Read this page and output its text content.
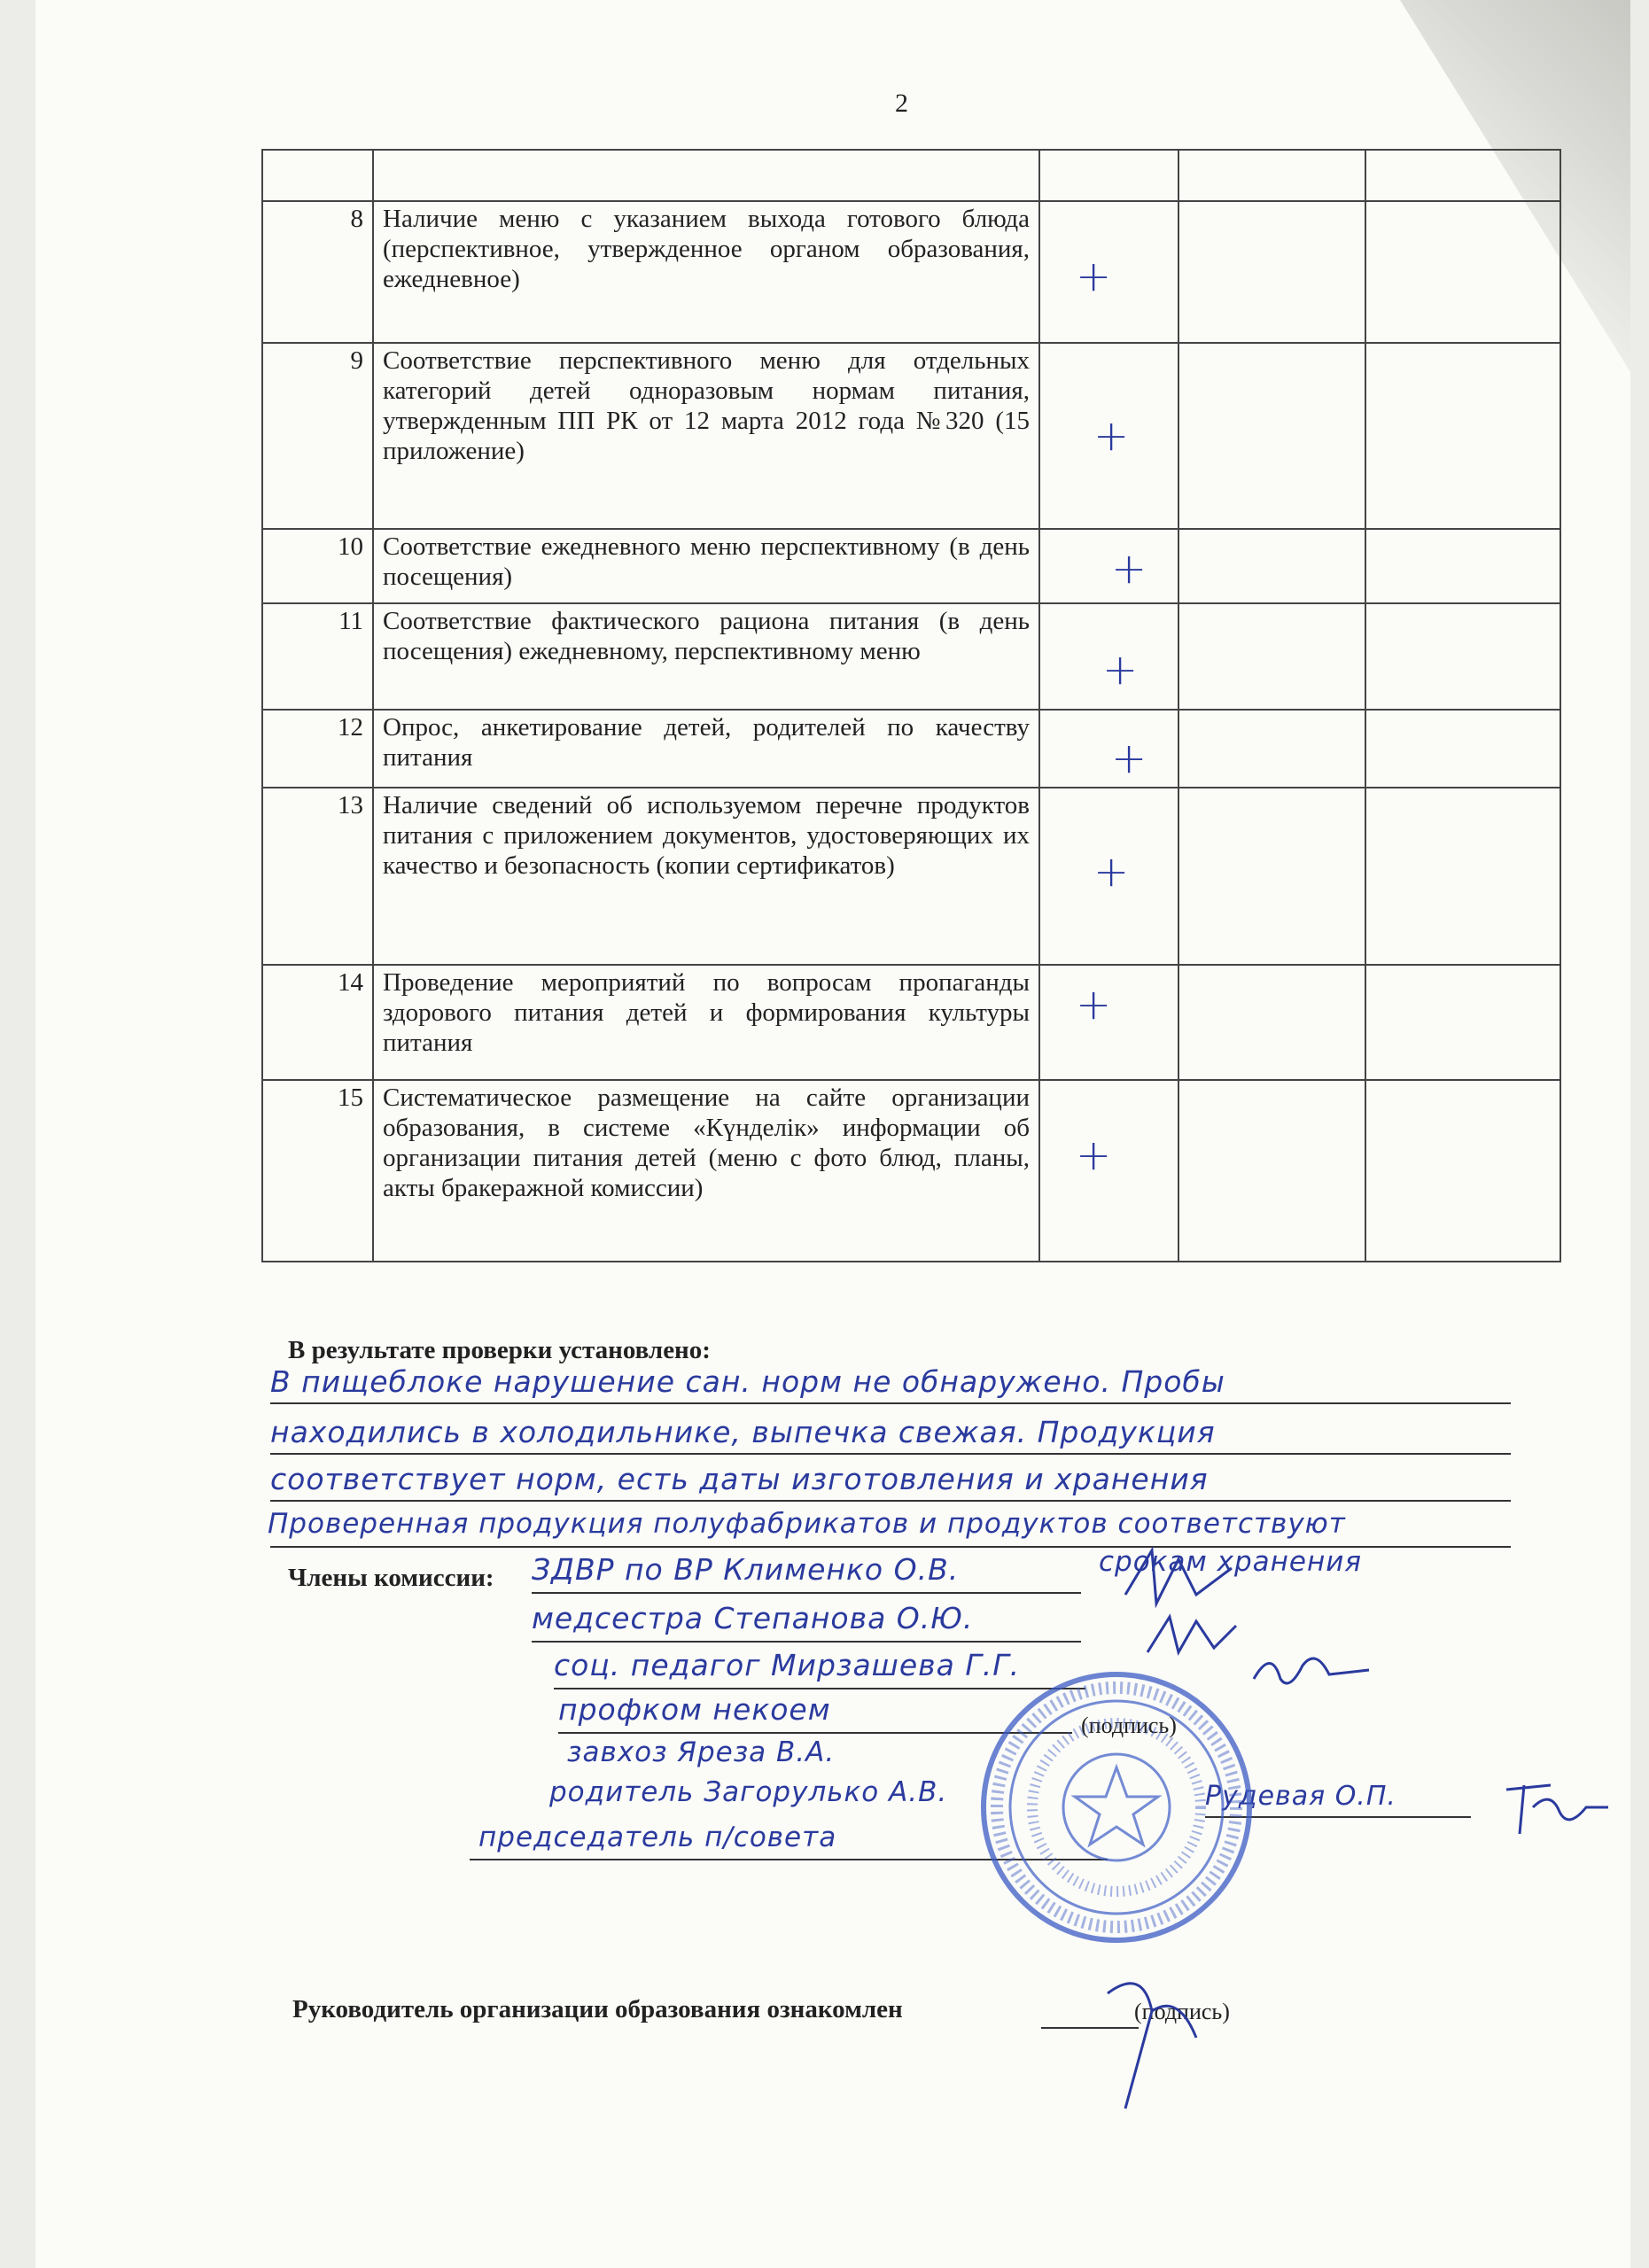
2

8	Наличие меню с указанием выхода готового блюда (перспективное, утвержденное органом образования, ежедневное)	+		

9	Соответствие перспективного меню для отдельных категорий детей одноразовым нормам питания, утвержденным ПП РК от 12 марта 2012 года №320 (15 приложение)	+		

10	Соответствие ежедневного меню перспективному (в день посещения)	+		

11	Соответствие фактического рациона питания (в день посещения) ежедневному, перспективному меню	+		

12	Опрос, анкетирование детей, родителей по качеству питания	+		

13	Наличие сведений об используемом перечне продуктов питания с приложением документов, удостоверяющих их качество и безопасность (копии сертификатов)	+		

14	Проведение мероприятий по вопросам пропаганды здорового питания детей и формирования культуры питания	+		

15	Систематическое размещение на сайте организации образования, в системе «Күнделік» информации об организации питания детей (меню с фото блюд, планы, акты бракеражной комиссии)	+		

В результате проверки установлено:
В пищеблоке нарушение сан. норм не обнаружено. Пробы
находились в холодильнике, выпечка свежая. Продукция
соответствует норм, есть даты изготовления и хранения
Проверенная продукция полуфабрикатов и продуктов соответствуют
срокам хранения
Члены комиссии: ЗДВР по ВР Клименко О.В.
медсестра Степанова О.Ю.
соц. педагог Мирзашева Г.Г.
профком некоем	(подпись)
завхоз Яреза В.А.
родитель Загорулько А.В.	Рудевая О.П.
председатель п/совета
Руководитель организации образования ознакомлен	(подпись)
